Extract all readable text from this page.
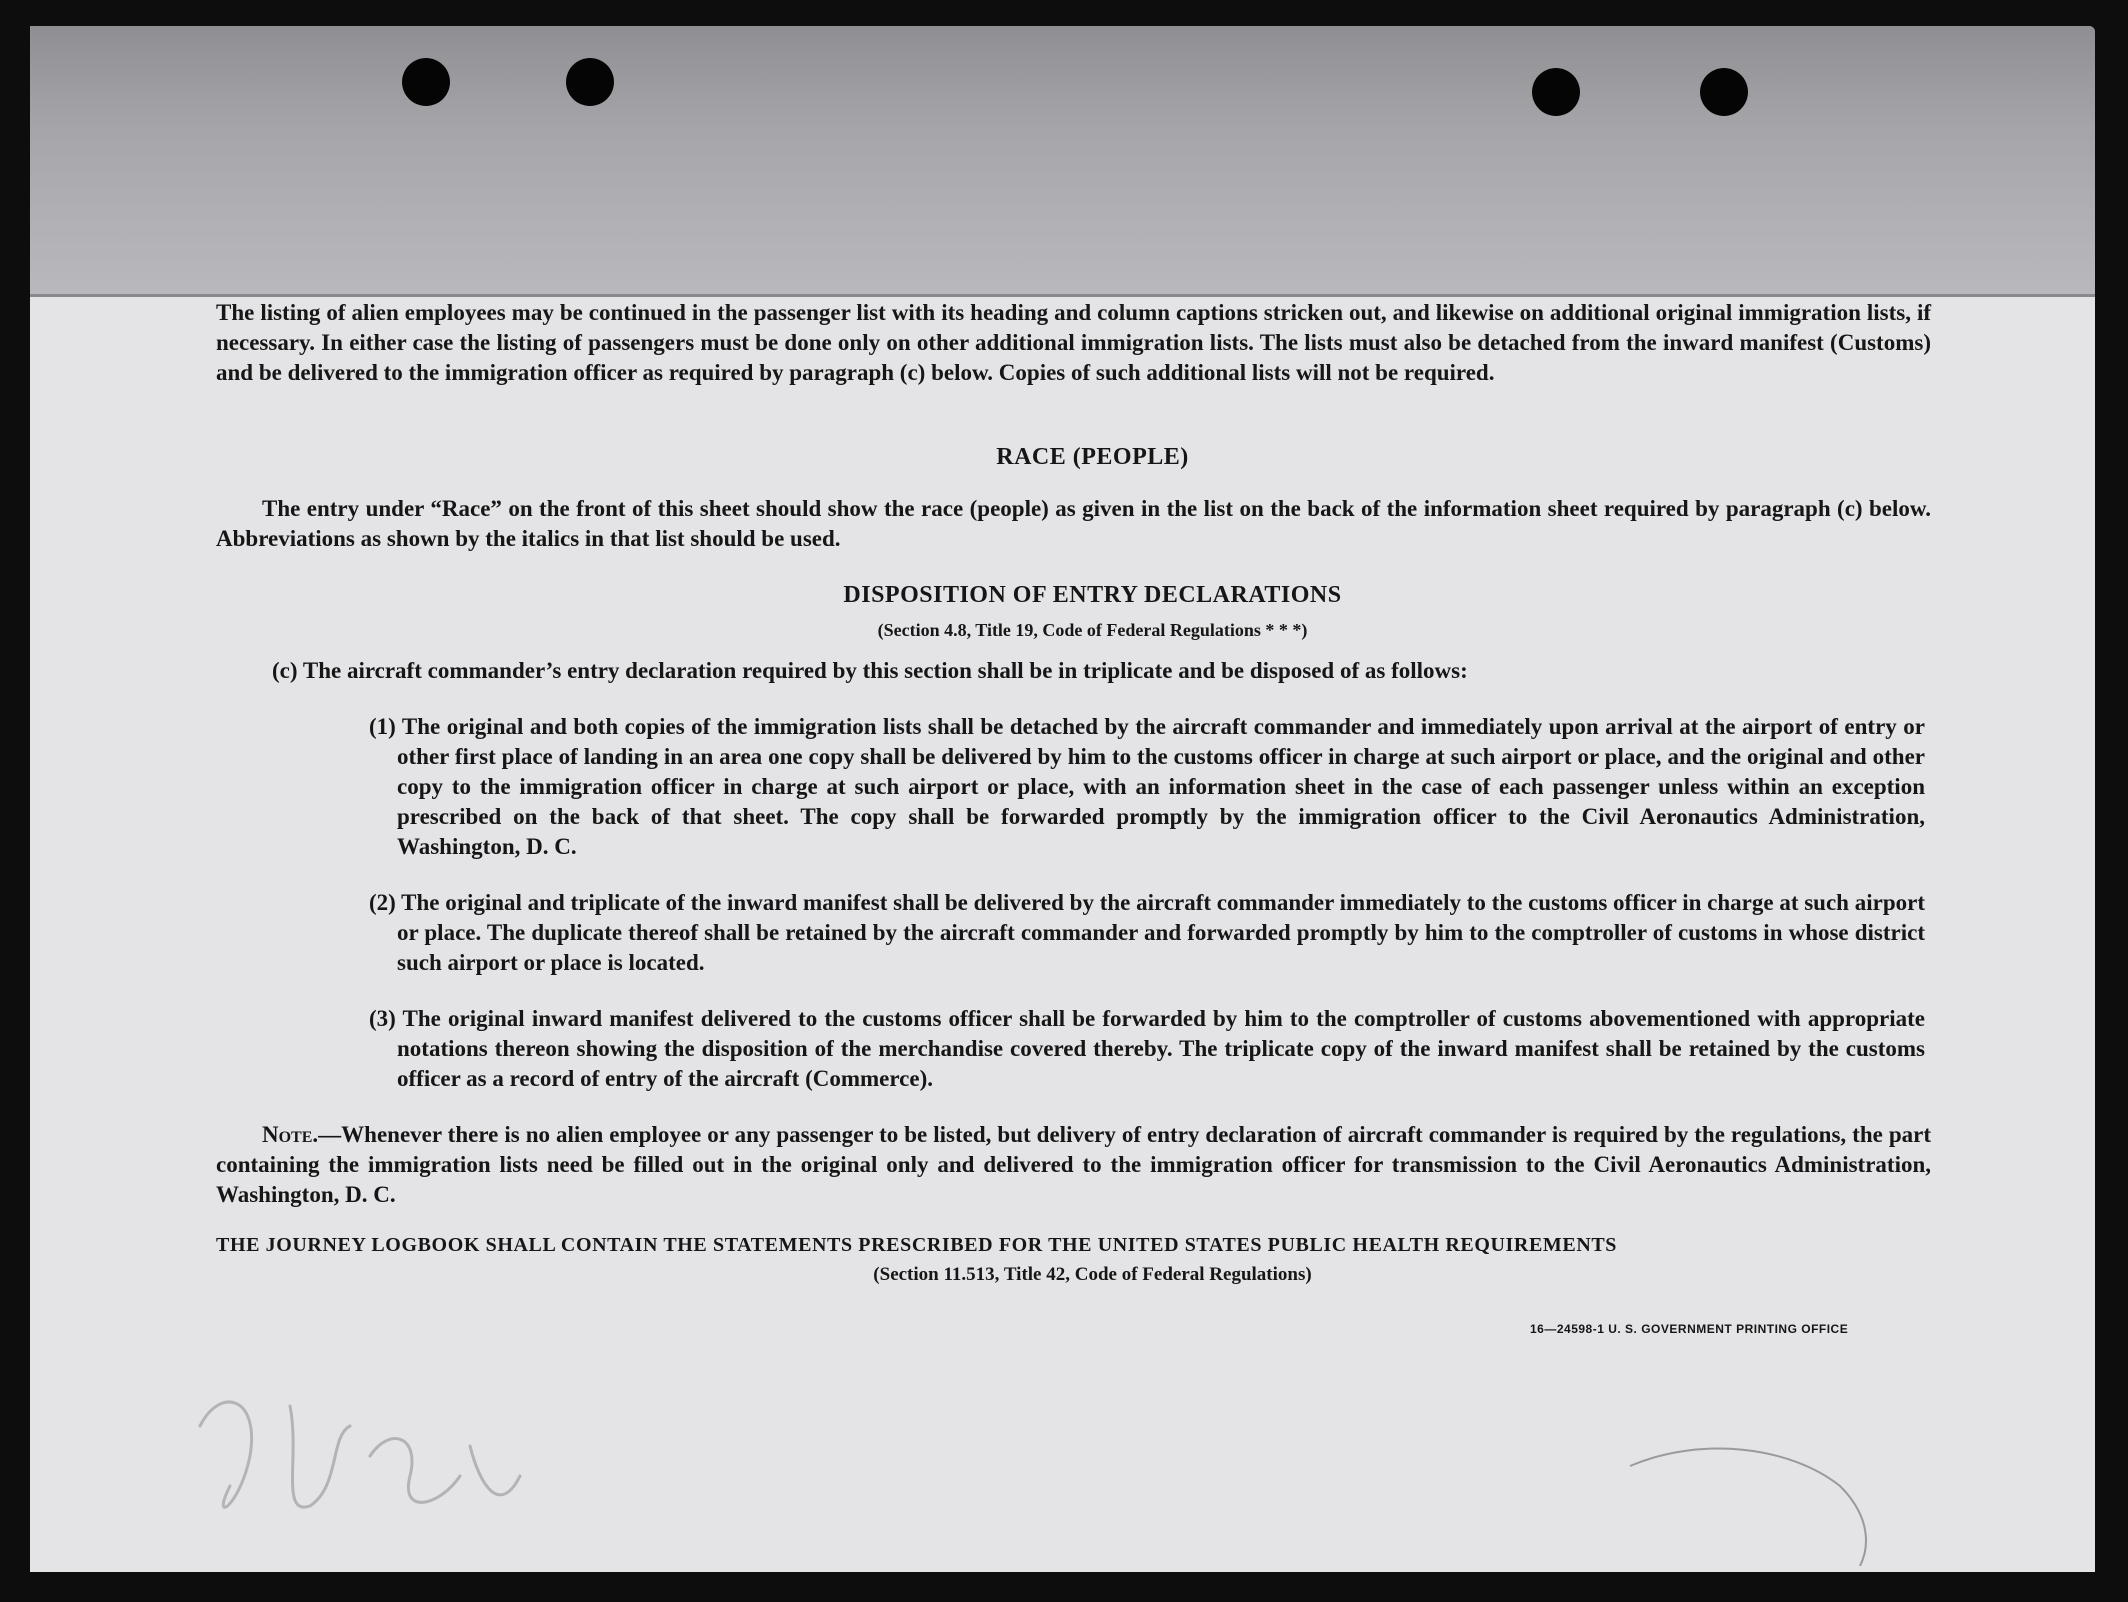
The listing of alien employees may be continued in the passenger list with its heading and column captions stricken out, and likewise on additional original immigration lists, if necessary. In either case the listing of passengers must be done only on other additional immigration lists. The lists must also be detached from the inward manifest (Customs) and be delivered to the immigration officer as required by paragraph (c) below. Copies of such additional lists will not be required.

RACE (PEOPLE)

The entry under “Race” on the front of this sheet should show the race (people) as given in the list on the back of the information sheet required by paragraph (c) below. Abbreviations as shown by the italics in that list should be used.

DISPOSITION OF ENTRY DECLARATIONS
(Section 4.8, Title 19, Code of Federal Regulations * * *)

(c) The aircraft commander’s entry declaration required by this section shall be in triplicate and be disposed of as follows:

(1) The original and both copies of the immigration lists shall be detached by the aircraft commander and immediately upon arrival at the airport of entry or other first place of landing in an area one copy shall be delivered by him to the customs officer in charge at such airport or place, and the original and other copy to the immigration officer in charge at such airport or place, with an information sheet in the case of each passenger unless within an exception prescribed on the back of that sheet. The copy shall be forwarded promptly by the immigration officer to the Civil Aeronautics Administration, Washington, D. C.

(2) The original and triplicate of the inward manifest shall be delivered by the aircraft commander immediately to the customs officer in charge at such airport or place. The duplicate thereof shall be retained by the aircraft commander and forwarded promptly by him to the comptroller of customs in whose district such airport or place is located.

(3) The original inward manifest delivered to the customs officer shall be forwarded by him to the comptroller of customs abovementioned with appropriate notations thereon showing the disposition of the merchandise covered thereby. The triplicate copy of the inward manifest shall be retained by the customs officer as a record of entry of the aircraft (Commerce).

Note.—Whenever there is no alien employee or any passenger to be listed, but delivery of entry declaration of aircraft commander is required by the regulations, the part containing the immigration lists need be filled out in the original only and delivered to the immigration officer for transmission to the Civil Aeronautics Administration, Washington, D. C.

THE JOURNEY LOGBOOK SHALL CONTAIN THE STATEMENTS PRESCRIBED FOR THE UNITED STATES PUBLIC HEALTH REQUIREMENTS

(Section 11.513, Title 42, Code of Federal Regulations)
16—24598-1 U. S. GOVERNMENT PRINTING OFFICE
